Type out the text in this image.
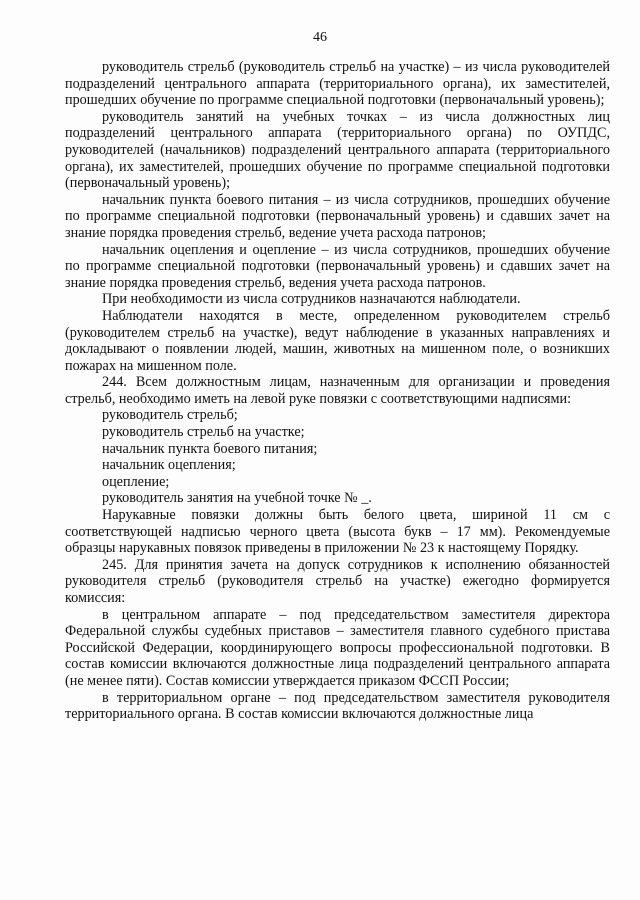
46

руководитель стрельб (руководитель стрельб на участке) – из числа руководителей подразделений центрального аппарата (территориального органа), их заместителей, прошедших обучение по программе специальной подготовки (первоначальный уровень);

руководитель занятий на учебных точках – из числа должностных лиц подразделений центрального аппарата (территориального органа) по ОУПДС, руководителей (начальников) подразделений центрального аппарата (территориального органа), их заместителей, прошедших обучение по программе специальной подготовки (первоначальный уровень);

начальник пункта боевого питания – из числа сотрудников, прошедших обучение по программе специальной подготовки (первоначальный уровень) и сдавших зачет на знание порядка проведения стрельб, ведение учета расхода патронов;

начальник оцепления и оцепление – из числа сотрудников, прошедших обучение по программе специальной подготовки (первоначальный уровень) и сдавших зачет на знание порядка проведения стрельб, ведения учета расхода патронов.

При необходимости из числа сотрудников назначаются наблюдатели.

Наблюдатели находятся в месте, определенном руководителем стрельб (руководителем стрельб на участке), ведут наблюдение в указанных направлениях и докладывают о появлении людей, машин, животных на мишенном поле, о возникших пожарах на мишенном поле.

244. Всем должностным лицам, назначенным для организации и проведения стрельб, необходимо иметь на левой руке повязки с соответствующими надписями:

руководитель стрельб;

руководитель стрельб на участке;

начальник пункта боевого питания;

начальник оцепления;

оцепление;

руководитель занятия на учебной точке № _.

Нарукавные повязки должны быть белого цвета, шириной 11 см с соответствующей надписью черного цвета (высота букв – 17 мм). Рекомендуемые образцы нарукавных повязок приведены в приложении № 23 к настоящему Порядку.

245. Для принятия зачета на допуск сотрудников к исполнению обязанностей руководителя стрельб (руководителя стрельб на участке) ежегодно формируется комиссия:

в центральном аппарате – под председательством заместителя директора Федеральной службы судебных приставов – заместителя главного судебного пристава Российской Федерации, координирующего вопросы профессиональной подготовки. В состав комиссии включаются должностные лица подразделений центрального аппарата (не менее пяти). Состав комиссии утверждается приказом ФССП России;

в территориальном органе – под председательством заместителя руководителя территориального органа. В состав комиссии включаются должностные лица
